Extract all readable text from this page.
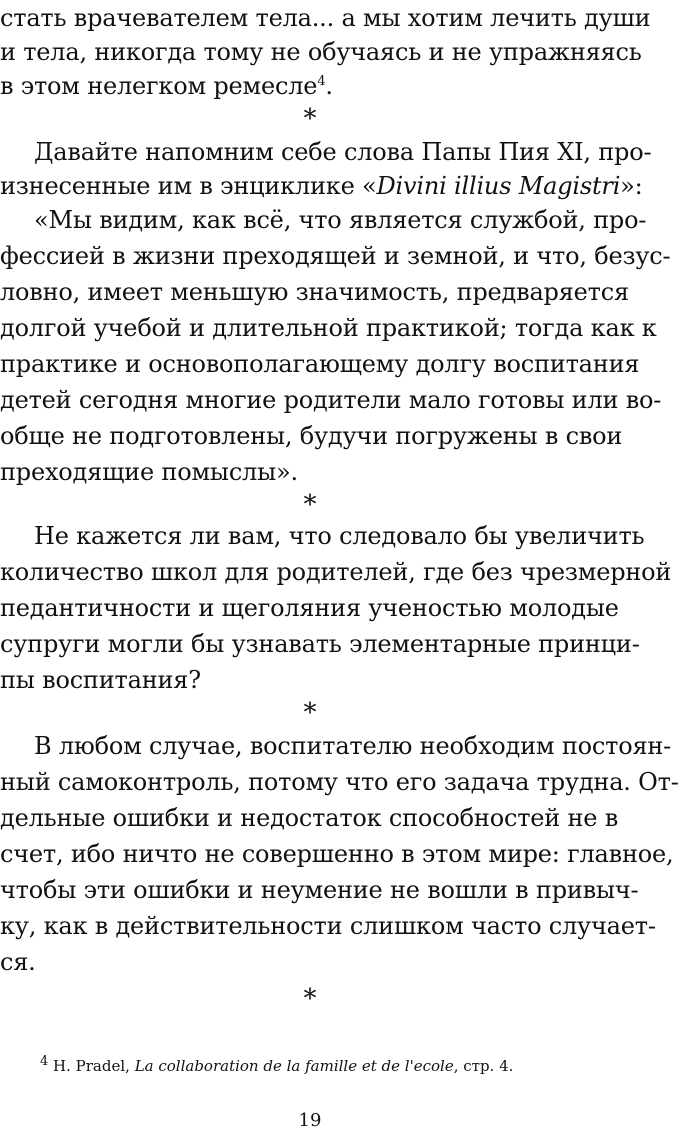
стать врачевателем тела... а мы хотим лечить души
и тела, никогда тому не обучаясь и не упражняясь
в этом нелегком ремесле$^4$.
*
Давайте напомним себе слова Папы Пия XI, про-
изнесенные им в энциклике «Divini illius Magistri»:
«Мы видим, как всё, что является службой, про-
фессией в жизни преходящей и земной, и что, безус-
ловно, имеет меньшую значимость, предваряется
долгой учебой и длительной практикой; тогда как к
практике и основополагающему долгу воспитания
детей сегодня многие родители мало готовы или во-
обще не подготовлены, будучи погружены в свои
преходящие помыслы».
*
Не кажется ли вам, что следовало бы увеличить
количество школ для родителей, где без чрезмерной
педантичности и щеголяния ученостью молодые
супруги могли бы узнавать элементарные принци-
пы воспитания?
*
В любом случае, воспитателю необходим постоян-
ный самоконтроль, потому что его задача трудна. От-
дельные ошибки и недостаток способностей не в
счет, ибо ничто не совершенно в этом мире: главное,
чтобы эти ошибки и неумение не вошли в привыч-
ку, как в действительности слишком часто случает-
ся.
*
$^4$ H. Pradel, La collaboration de la famille et de l'ecole, стр. 4.
19
